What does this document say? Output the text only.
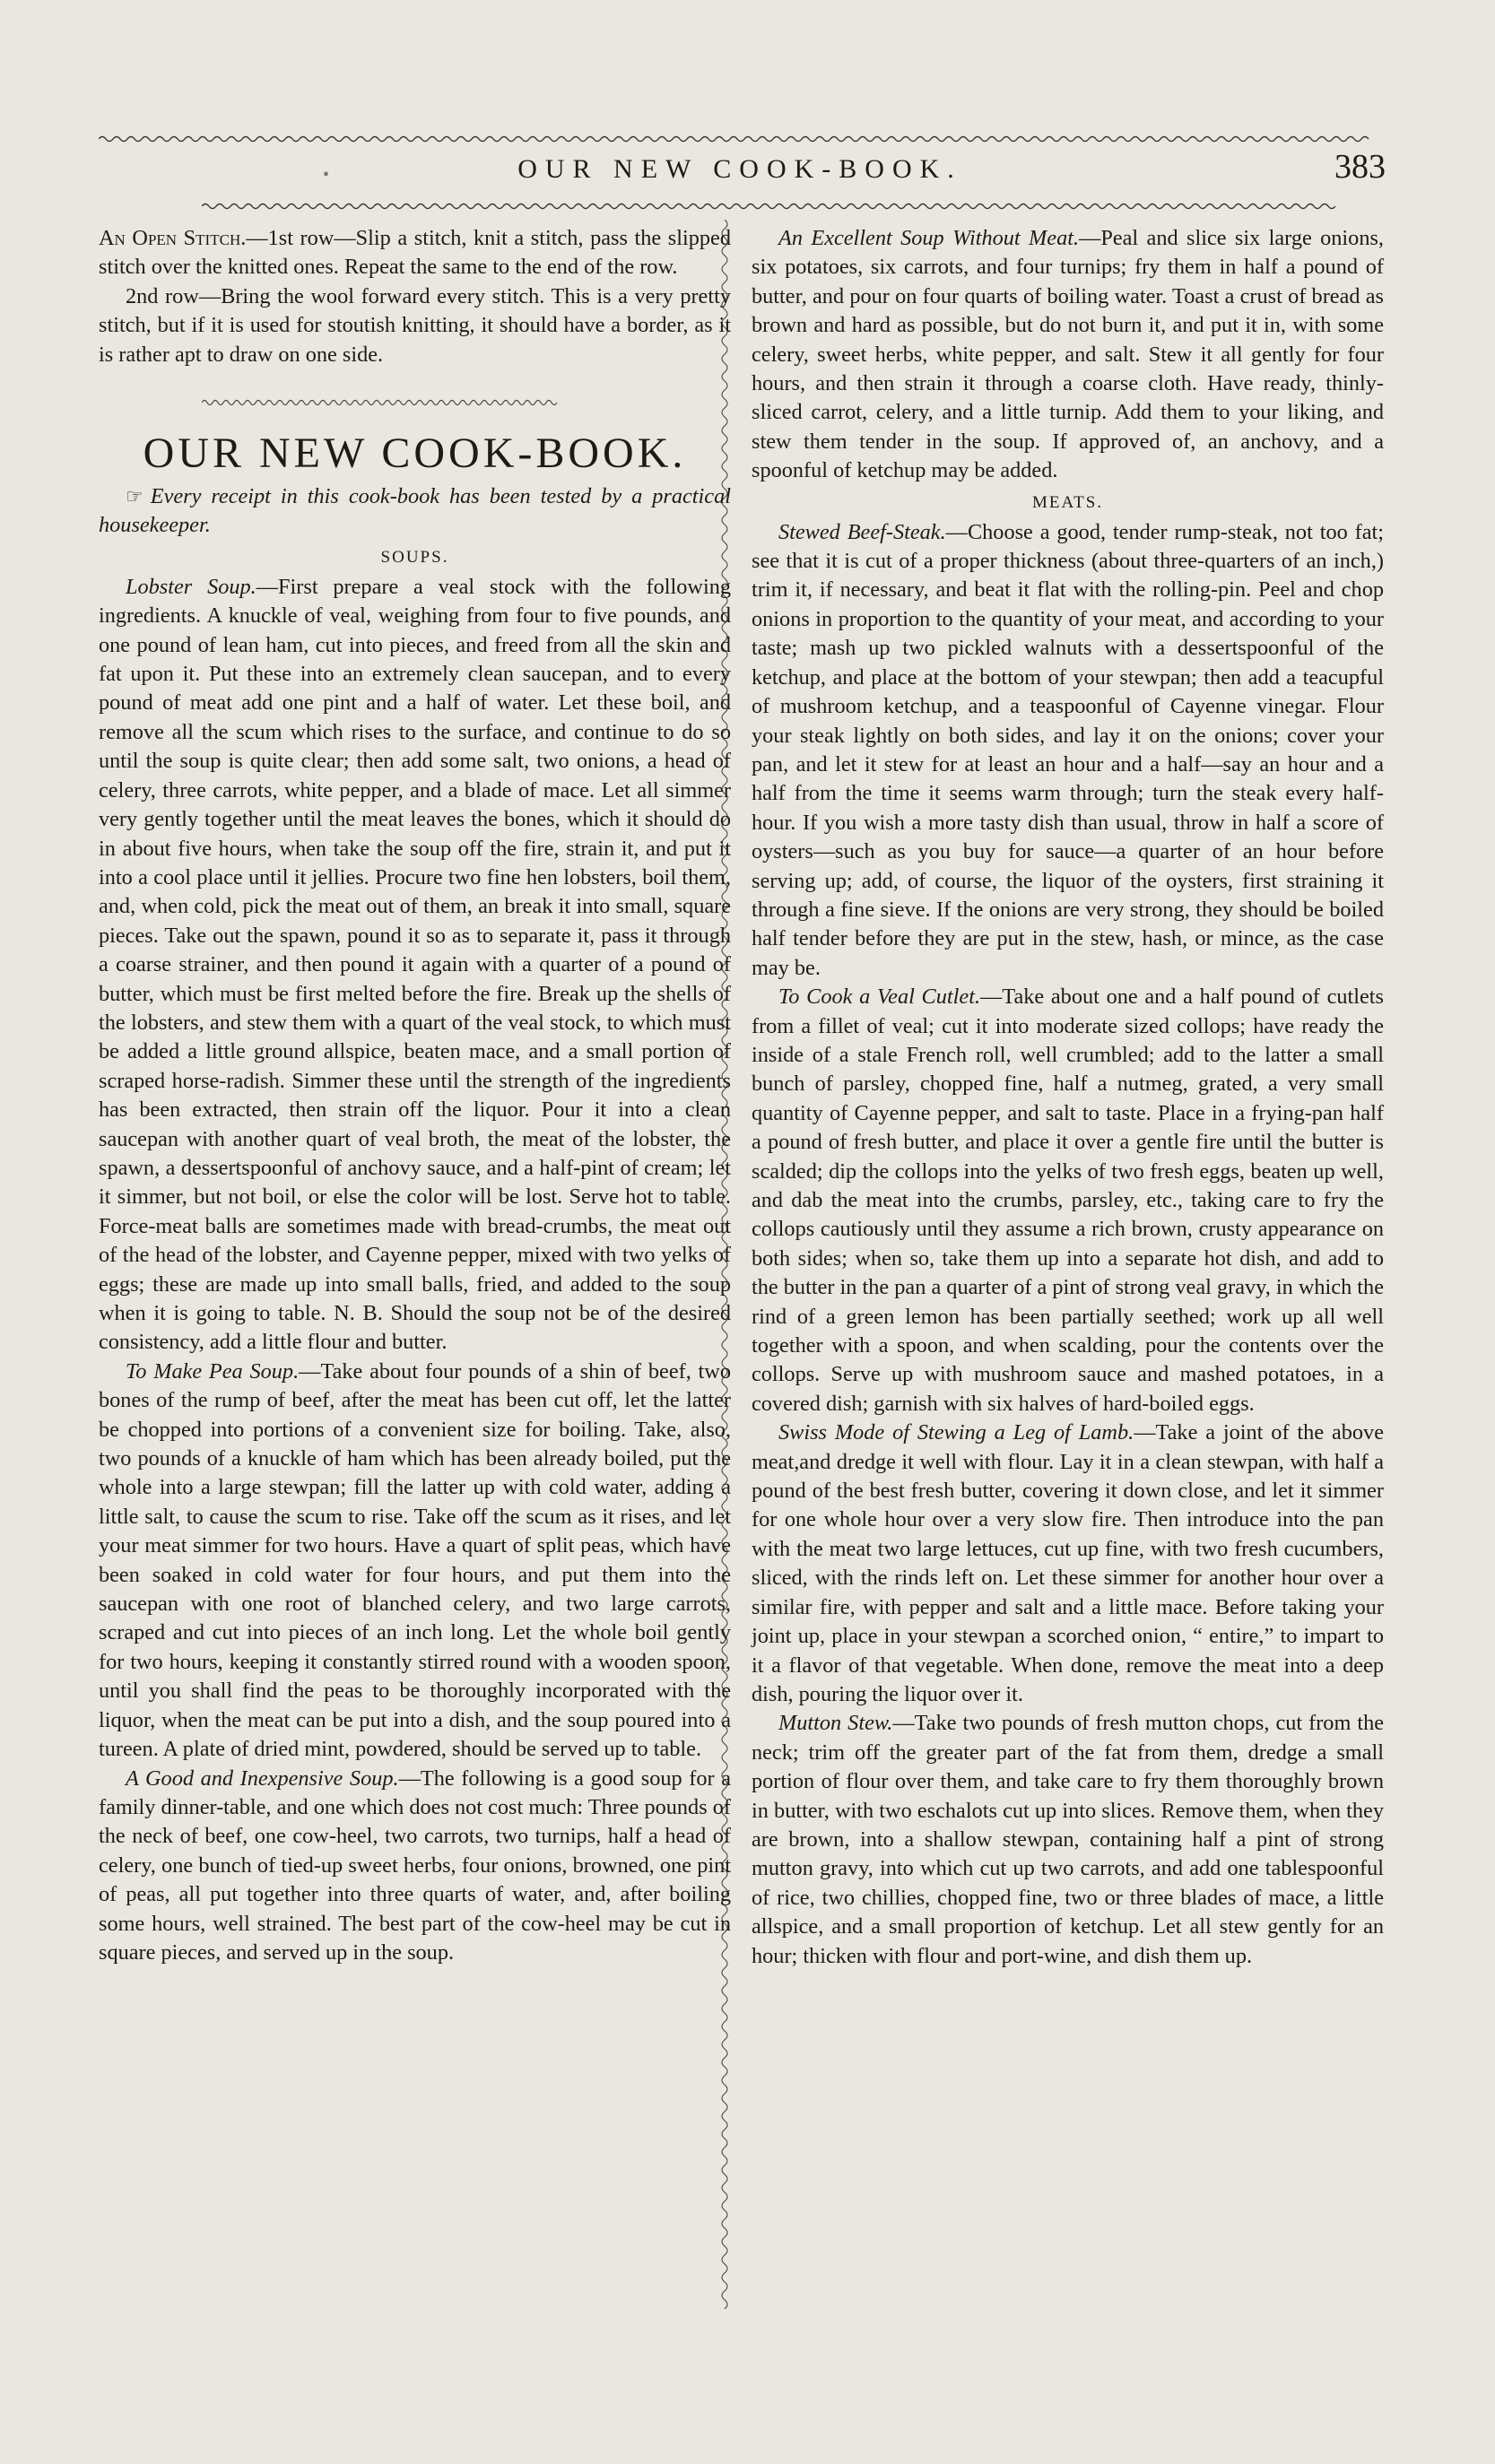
•	OUR NEW COOK-BOOK.	383

An Open Stitch.—1st row—Slip a stitch, knit a stitch, pass the slipped stitch over the knitted ones. Repeat the same to the end of the row.

2nd row—Bring the wool forward every stitch. This is a very pretty stitch, but if it is used for stoutish knitting, it should have a border, as it is rather apt to draw on one side.

OUR NEW COOK-BOOK.

☞ Every receipt in this cook-book has been tested by a practical housekeeper.

SOUPS.

Lobster Soup.—First prepare a veal stock with the following ingredients. A knuckle of veal, weighing from four to five pounds, and one pound of lean ham, cut into pieces, and freed from all the skin and fat upon it. Put these into an extremely clean saucepan, and to every pound of meat add one pint and a half of water. Let these boil, and remove all the scum which rises to the surface, and continue to do so until the soup is quite clear; then add some salt, two onions, a head of celery, three carrots, white pepper, and a blade of mace. Let all simmer very gently together until the meat leaves the bones, which it should do in about five hours, when take the soup off the fire, strain it, and put it into a cool place until it jellies. Procure two fine hen lobsters, boil them, and, when cold, pick the meat out of them, an break it into small, square pieces. Take out the spawn, pound it so as to separate it, pass it through a coarse strainer, and then pound it again with a quarter of a pound of butter, which must be first melted before the fire. Break up the shells of the lobsters, and stew them with a quart of the veal stock, to which must be added a little ground allspice, beaten mace, and a small portion of scraped horse-radish. Simmer these until the strength of the ingredients has been extracted, then strain off the liquor. Pour it into a clean saucepan with another quart of veal broth, the meat of the lobster, the spawn, a dessertspoonful of anchovy sauce, and a half-pint of cream; let it simmer, but not boil, or else the color will be lost. Serve hot to table. Force-meat balls are sometimes made with bread-crumbs, the meat out of the head of the lobster, and Cayenne pepper, mixed with two yelks of eggs; these are made up into small balls, fried, and added to the soup when it is going to table. N. B. Should the soup not be of the desired consistency, add a little flour and butter.

To Make Pea Soup.—Take about four pounds of a shin of beef, two bones of the rump of beef, after the meat has been cut off, let the latter be chopped into portions of a convenient size for boiling. Take, also, two pounds of a knuckle of ham which has been already boiled, put the whole into a large stewpan; fill the latter up with cold water, adding a little salt, to cause the scum to rise. Take off the scum as it rises, and let your meat simmer for two hours. Have a quart of split peas, which have been soaked in cold water for four hours, and put them into the saucepan with one root of blanched celery, and two large carrots, scraped and cut into pieces of an inch long. Let the whole boil gently for two hours, keeping it constantly stirred round with a wooden spoon, until you shall find the peas to be thoroughly incorporated with the liquor, when the meat can be put into a dish, and the soup poured into a tureen. A plate of dried mint, powdered, should be served up to table.

A Good and Inexpensive Soup.—The following is a good soup for a family dinner-table, and one which does not cost much: Three pounds of the neck of beef, one cow-heel, two carrots, two turnips, half a head of celery, one bunch of tied-up sweet herbs, four onions, browned, one pint of peas, all put together into three quarts of water, and, after boiling some hours, well strained. The best part of the cow-heel may be cut in square pieces, and served up in the soup.

An Excellent Soup Without Meat.—Peal and slice six large onions, six potatoes, six carrots, and four turnips; fry them in half a pound of butter, and pour on four quarts of boiling water. Toast a crust of bread as brown and hard as possible, but do not burn it, and put it in, with some celery, sweet herbs, white pepper, and salt. Stew it all gently for four hours, and then strain it through a coarse cloth. Have ready, thinly-sliced carrot, celery, and a little turnip. Add them to your liking, and stew them tender in the soup. If approved of, an anchovy, and a spoonful of ketchup may be added.

MEATS.

Stewed Beef-Steak.—Choose a good, tender rump-steak, not too fat; see that it is cut of a proper thickness (about three-quarters of an inch,) trim it, if necessary, and beat it flat with the rolling-pin. Peel and chop onions in proportion to the quantity of your meat, and according to your taste; mash up two pickled walnuts with a dessertspoonful of the ketchup, and place at the bottom of your stewpan; then add a teacupful of mushroom ketchup, and a teaspoonful of Cayenne vinegar. Flour your steak lightly on both sides, and lay it on the onions; cover your pan, and let it stew for at least an hour and a half—say an hour and a half from the time it seems warm through; turn the steak every half-hour. If you wish a more tasty dish than usual, throw in half a score of oysters—such as you buy for sauce—a quarter of an hour before serving up; add, of course, the liquor of the oysters, first straining it through a fine sieve. If the onions are very strong, they should be boiled half tender before they are put in the stew, hash, or mince, as the case may be.

To Cook a Veal Cutlet.—Take about one and a half pound of cutlets from a fillet of veal; cut it into moderate sized collops; have ready the inside of a stale French roll, well crumbled; add to the latter a small bunch of parsley, chopped fine, half a nutmeg, grated, a very small quantity of Cayenne pepper, and salt to taste. Place in a frying-pan half a pound of fresh butter, and place it over a gentle fire until the butter is scalded; dip the collops into the yelks of two fresh eggs, beaten up well, and dab the meat into the crumbs, parsley, etc., taking care to fry the collops cautiously until they assume a rich brown, crusty appearance on both sides; when so, take them up into a separate hot dish, and add to the butter in the pan a quarter of a pint of strong veal gravy, in which the rind of a green lemon has been partially seethed; work up all well together with a spoon, and when scalding, pour the contents over the collops. Serve up with mushroom sauce and mashed potatoes, in a covered dish; garnish with six halves of hard-boiled eggs.

Swiss Mode of Stewing a Leg of Lamb.—Take a joint of the above meat,and dredge it well with flour. Lay it in a clean stewpan, with half a pound of the best fresh butter, covering it down close, and let it simmer for one whole hour over a very slow fire. Then introduce into the pan with the meat two large lettuces, cut up fine, with two fresh cucumbers, sliced, with the rinds left on. Let these simmer for another hour over a similar fire, with pepper and salt and a little mace. Before taking your joint up, place in your stewpan a scorched onion, “ entire,” to impart to it a flavor of that vegetable. When done, remove the meat into a deep dish, pouring the liquor over it.

Mutton Stew.—Take two pounds of fresh mutton chops, cut from the neck; trim off the greater part of the fat from them, dredge a small portion of flour over them, and take care to fry them thoroughly brown in butter, with two eschalots cut up into slices. Remove them, when they are brown, into a shallow stewpan, containing half a pint of strong mutton gravy, into which cut up two carrots, and add one tablespoonful of rice, two chillies, chopped fine, two or three blades of mace, a little allspice, and a small proportion of ketchup. Let all stew gently for an hour; thicken with flour and port-wine, and dish them up.
